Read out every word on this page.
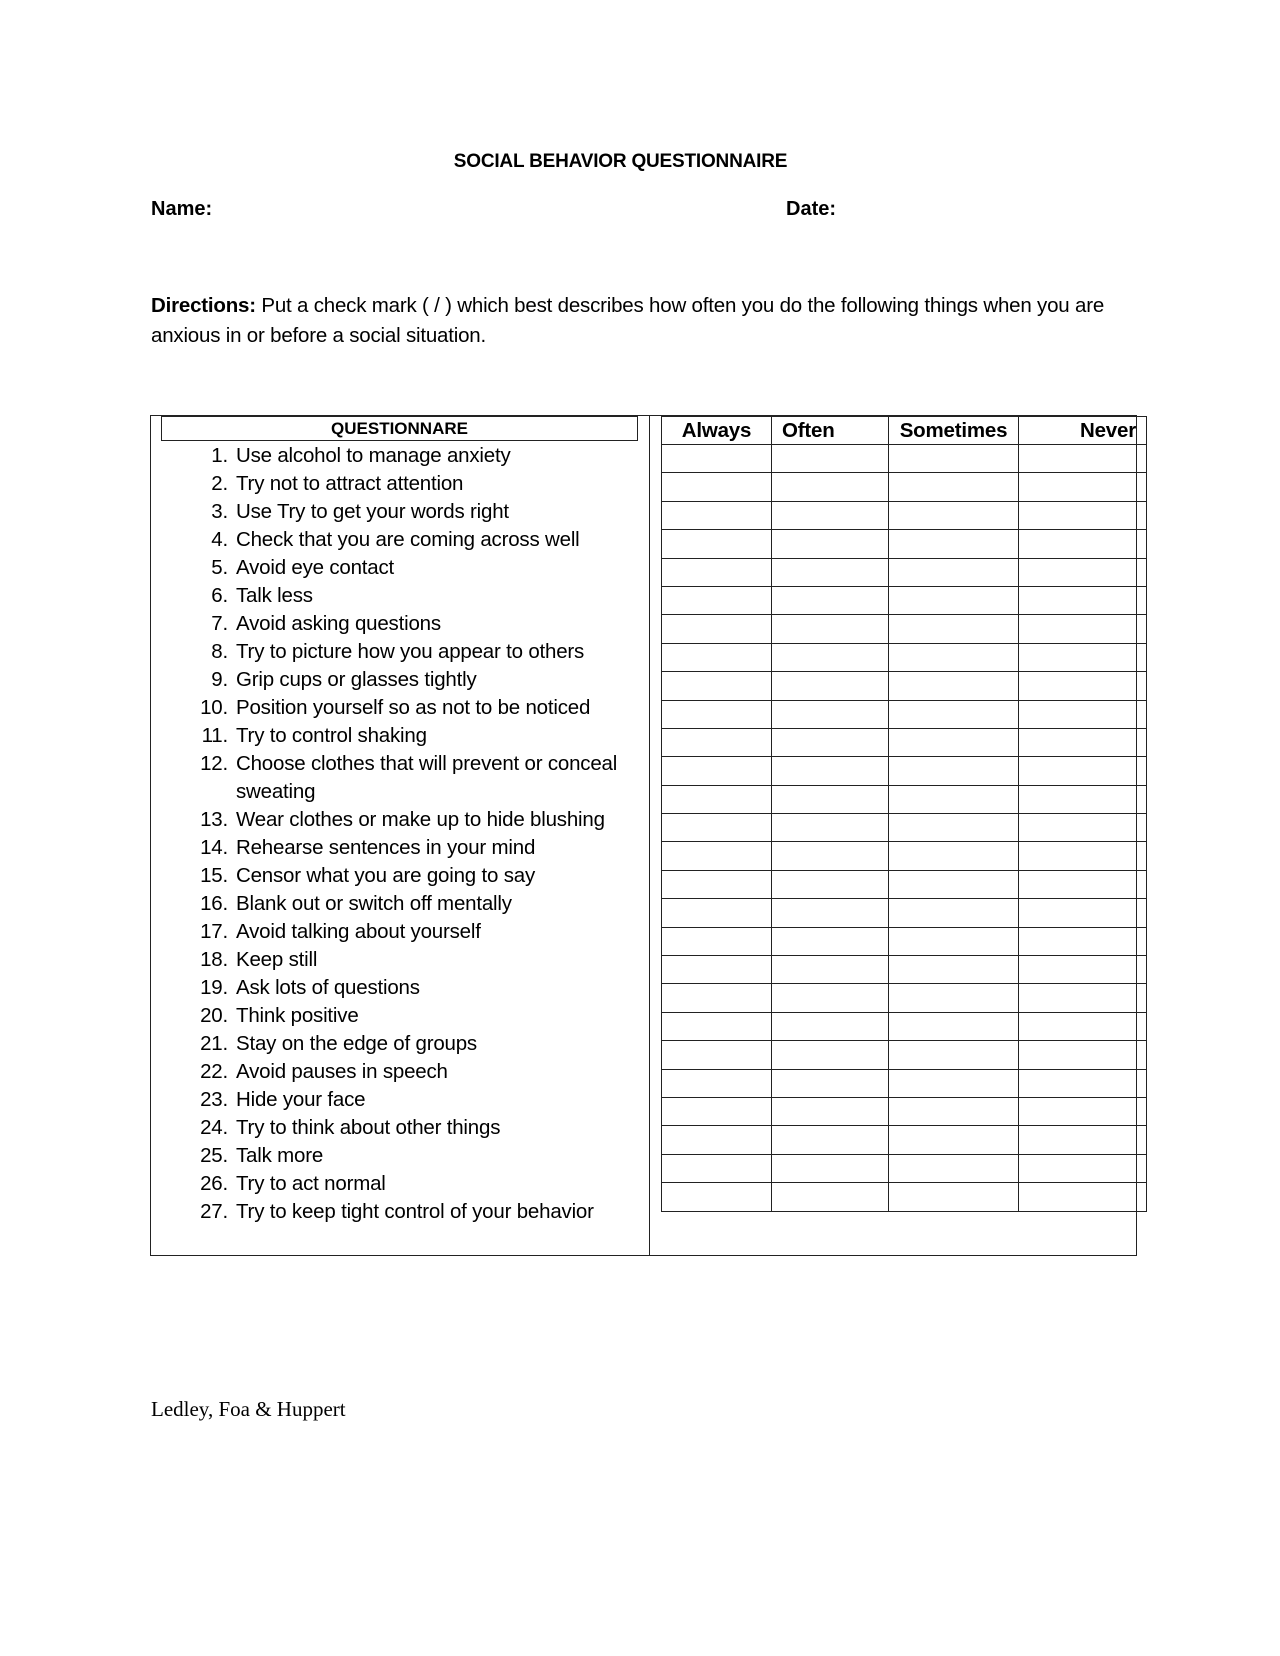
SOCIAL BEHAVIOR QUESTIONNAIRE
Name:	Date:
Directions: Put a check mark ( / ) which best describes how often you do the following things when you are anxious in or before a social situation.
QUESTIONNARE
1. Use alcohol to manage anxiety
2. Try not to attract attention
3. Use Try to get your words right
4. Check that you are coming across well
5. Avoid eye contact
6. Talk less
7. Avoid asking questions
8. Try to picture how you appear to others
9. Grip cups or glasses tightly
10. Position yourself so as not to be noticed
11. Try to control shaking
12. Choose clothes that will prevent or conceal sweating
13. Wear clothes or make up to hide blushing
14. Rehearse sentences in your mind
15. Censor what you are going to say
16. Blank out or switch off mentally
17. Avoid talking about yourself
18. Keep still
19. Ask lots of questions
20. Think positive
21. Stay on the edge of groups
22. Avoid pauses in speech
23. Hide your face
24. Try to think about other things
25. Talk more
26. Try to act normal
27. Try to keep tight control of your behavior
Always	Often	Sometimes	Never

Ledley, Foa & Huppert
